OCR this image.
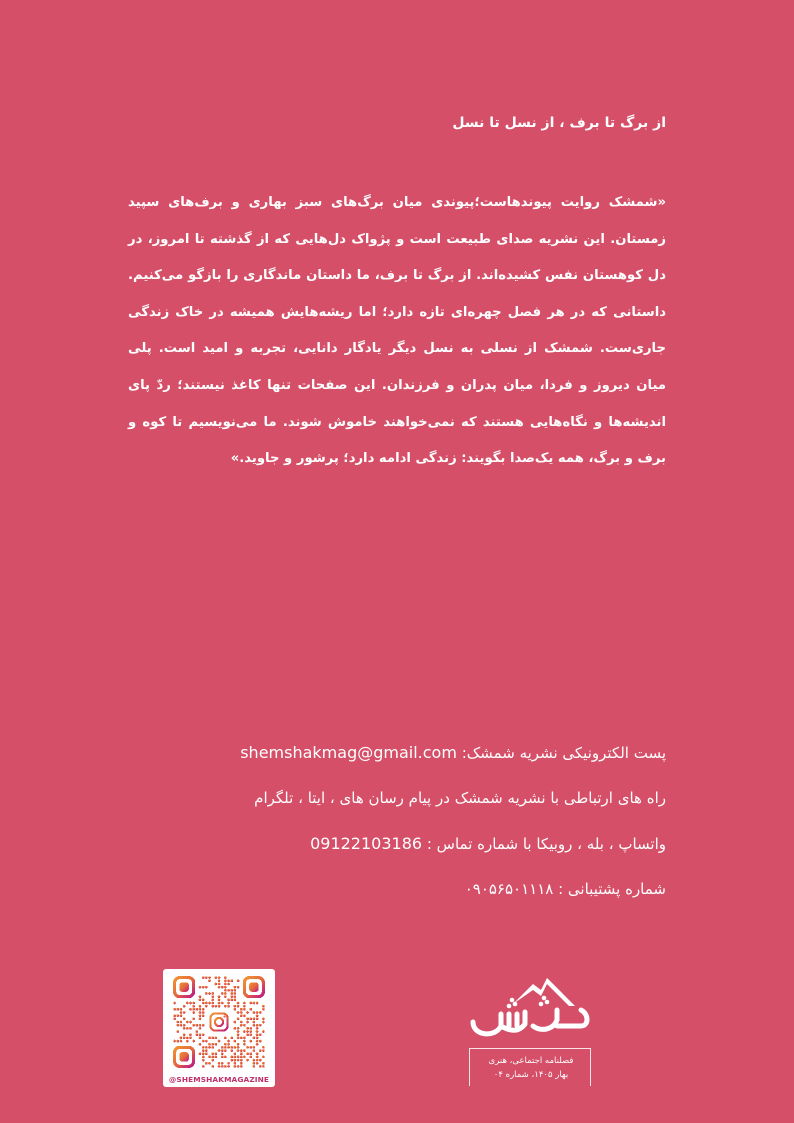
از برگ تا برف ، از نسل تا نسل
«شمشک روایت پیوندهاست؛پیوندی میان برگ‌های سبز بهاری و برف‌های سپید زمستان. این نشریه صدای طبیعت است و پژواک دل‌هایی که از گذشته تا امروز، در دل کوهستان نفس کشیده‌اند. از برگ تا برف، ما داستان ماندگاری را بازگو می‌کنیم. داستانی که در هر فصل چهره‌ای تازه دارد؛ اما ریشه‌هایش همیشه در خاک زندگی جاری‌ست. شمشک از نسلی به نسل دیگر یادگار دانایی، تجربه و امید است. پلی میان دیروز و فردا، میان پدران و فرزندان. این صفحات تنها کاغذ نیستند؛ ردّ پای اندیشه‌ها و نگاه‌هایی هستند که نمی‌خواهند خاموش شوند. ما می‌نویسیم تا کوه و برف و برگ، همه یک‌صدا بگویند: زندگی ادامه دارد؛ پرشور و جاوید.»
پست الکترونیکی نشریه شمشک: shemshakmag@gmail.com
راه های ارتباطی با نشریه شمشک در پیام رسان های ، ایتا ، تلگرام
واتساپ ، بله ، روبیکا با شماره تماس : 09122103186
شماره پشتیبانی : ۰۹۰۵۶۵۰۱۱۱۸
@SHEMSHAKMAGAZINE
فصلنامه اجتماعی، هنری
بهار ۱۴۰۵، شماره ۰۴
